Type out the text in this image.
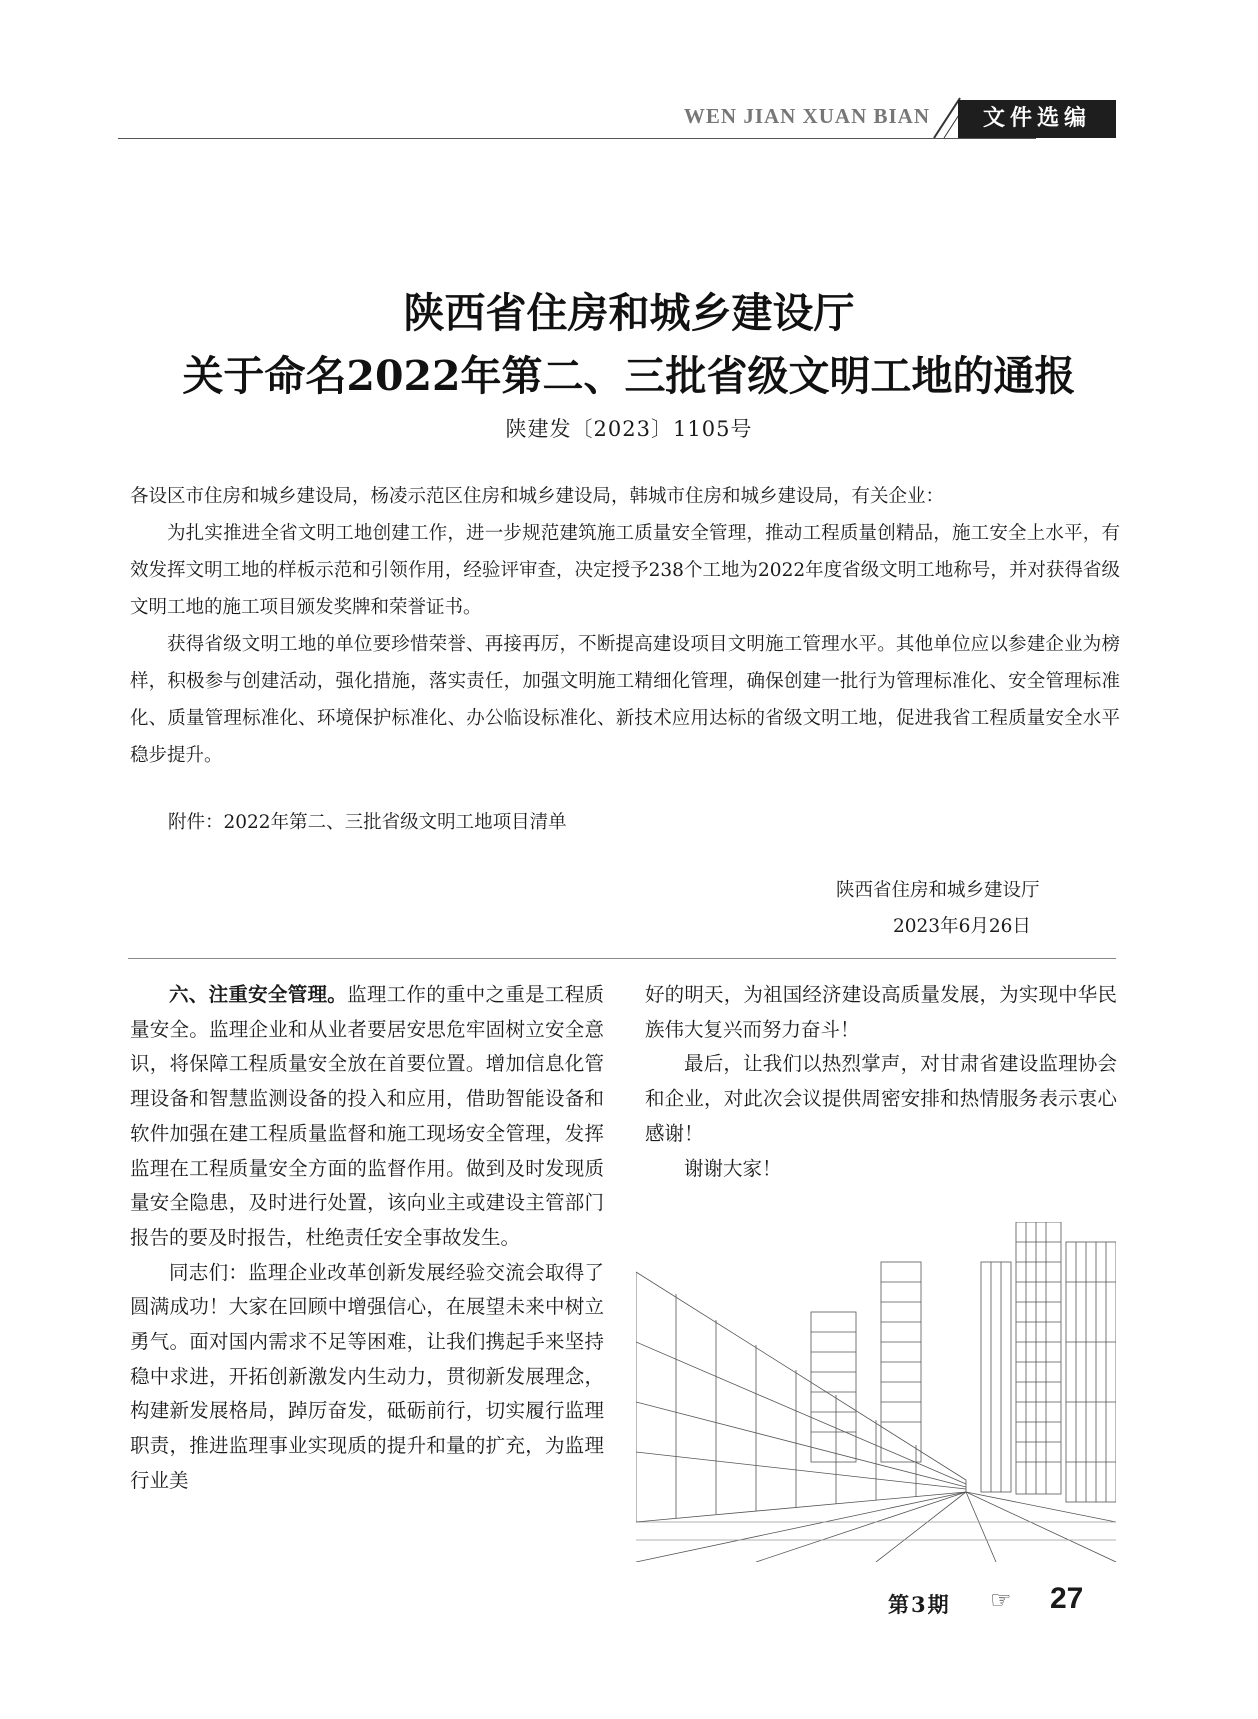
WEN JIAN XUAN BIAN	文件选编
陕西省住房和城乡建设厅
关于命名2022年第二、三批省级文明工地的通报
陕建发〔2023〕1105号

各设区市住房和城乡建设局，杨凌示范区住房和城乡建设局，韩城市住房和城乡建设局，有关企业：

为扎实推进全省文明工地创建工作，进一步规范建筑施工质量安全管理，推动工程质量创精品，施工安全上水平，有效发挥文明工地的样板示范和引领作用，经验评审查，决定授予238个工地为2022年度省级文明工地称号，并对获得省级文明工地的施工项目颁发奖牌和荣誉证书。

获得省级文明工地的单位要珍惜荣誉、再接再厉，不断提高建设项目文明施工管理水平。其他单位应以参建企业为榜样，积极参与创建活动，强化措施，落实责任，加强文明施工精细化管理，确保创建一批行为管理标准化、安全管理标准化、质量管理标准化、环境保护标准化、办公临设标准化、新技术应用达标的省级文明工地，促进我省工程质量安全水平稳步提升。

附件：2022年第二、三批省级文明工地项目清单
陕西省住房和城乡建设厅
2023年6月26日

六、注重安全管理。监理工作的重中之重是工程质量安全。监理企业和从业者要居安思危牢固树立安全意识，将保障工程质量安全放在首要位置。增加信息化管理设备和智慧监测设备的投入和应用，借助智能设备和软件加强在建工程质量监督和施工现场安全管理，发挥监理在工程质量安全方面的监督作用。做到及时发现质量安全隐患，及时进行处置，该向业主或建设主管部门报告的要及时报告，杜绝责任安全事故发生。

同志们：监理企业改革创新发展经验交流会取得了圆满成功！大家在回顾中增强信心，在展望未来中树立勇气。面对国内需求不足等困难，让我们携起手来坚持稳中求进，开拓创新激发内生动力，贯彻新发展理念，构建新发展格局，踔厉奋发，砥砺前行，切实履行监理职责，推进监理事业实现质的提升和量的扩充，为监理行业美

好的明天，为祖国经济建设高质量发展，为实现中华民族伟大复兴而努力奋斗！

最后，让我们以热烈掌声，对甘肃省建设监理协会和企业，对此次会议提供周密安排和热情服务表示衷心感谢！

谢谢大家！

第3期 ☞ 27
